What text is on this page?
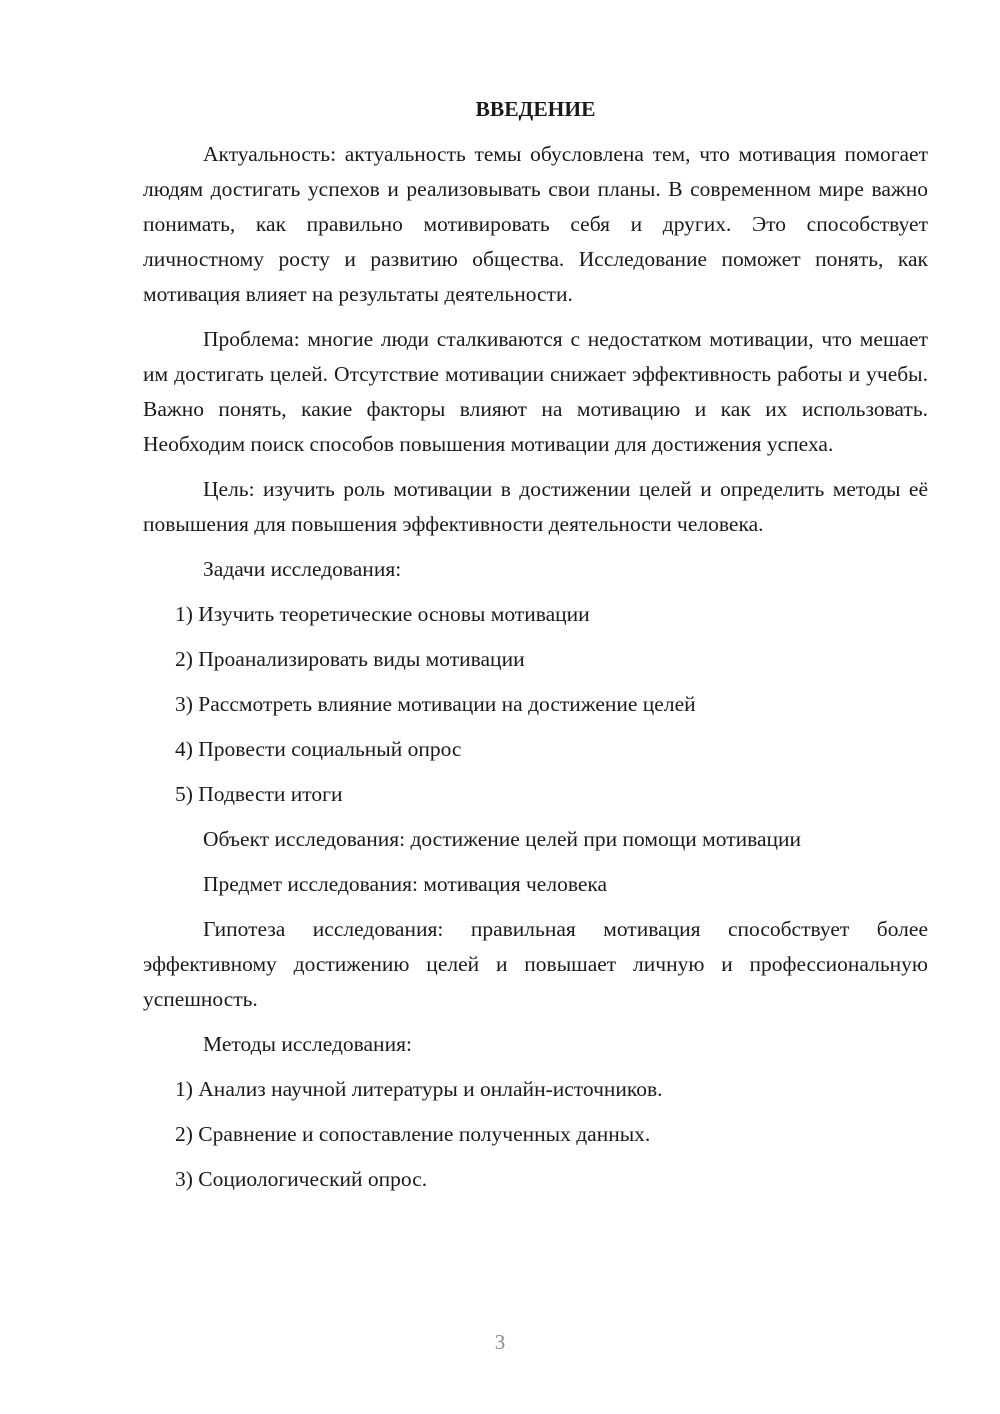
ВВЕДЕНИЕ

Актуальность: актуальность темы обусловлена тем, что мотивация помогает людям достигать успехов и реализовывать свои планы. В современном мире важно понимать, как правильно мотивировать себя и других. Это способствует личностному росту и развитию общества. Исследование поможет понять, как мотивация влияет на результаты деятельности.

Проблема: многие люди сталкиваются с недостатком мотивации, что мешает им достигать целей. Отсутствие мотивации снижает эффективность работы и учебы. Важно понять, какие факторы влияют на мотивацию и как их использовать. Необходим поиск способов повышения мотивации для достижения успеха.

Цель: изучить роль мотивации в достижении целей и определить методы её повышения для повышения эффективности деятельности человека.

Задачи исследования:
1) Изучить теоретические основы мотивации
2) Проанализировать виды мотивации
3) Рассмотреть влияние мотивации на достижение целей
4) Провести социальный опрос
5) Подвести итоги
Объект исследования: достижение целей при помощи мотивации
Предмет исследования: мотивация человека

Гипотеза исследования: правильная мотивация способствует более эффективному достижению целей и повышает личную и профессиональную успешность.

Методы исследования:
1) Анализ научной литературы и онлайн-источников.
2) Сравнение и сопоставление полученных данных.
3) Социологический опрос.
3
